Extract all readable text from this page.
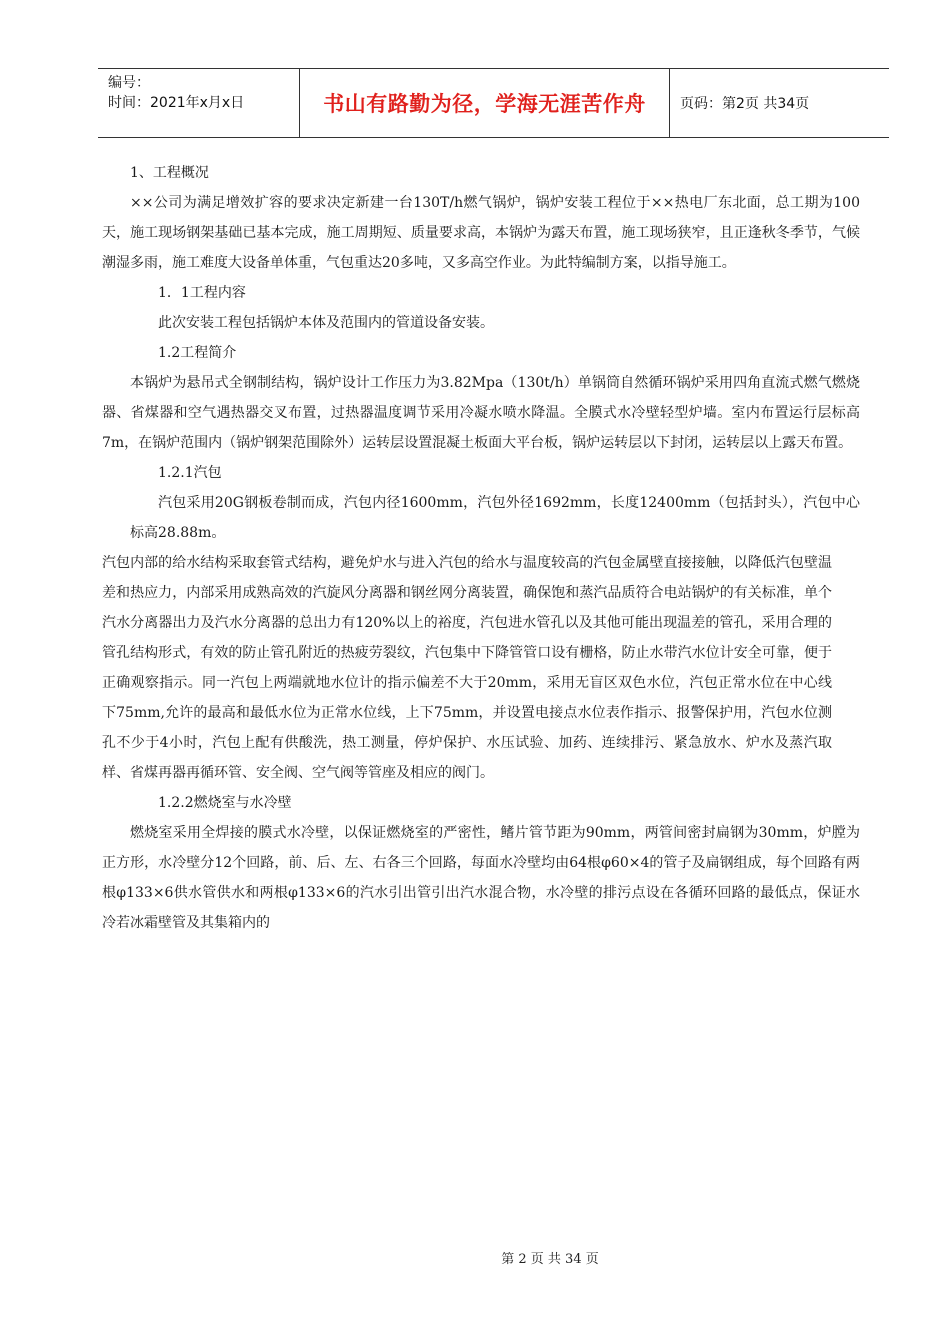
编号：
时间：2021年x月x日	书山有路勤为径，学海无涯苦作舟	页码：第2页 共34页

1、工程概况

××公司为满足增效扩容的要求决定新建一台130T/h燃气锅炉，锅炉安装工程位于××热电厂东北面，总工期为100天，施工现场钢架基础已基本完成，施工周期短、质量要求高，本锅炉为露天布置，施工现场狭窄，且正逢秋冬季节，气候潮湿多雨，施工难度大设备单体重，气包重达20多吨，又多高空作业。为此特编制方案，以指导施工。

1．1工程内容

此次安装工程包括锅炉本体及范围内的管道设备安装。

1.2工程简介

本锅炉为悬吊式全钢制结构，锅炉设计工作压力为3.82Mpa（130t/h）单锅筒自然循环锅炉采用四角直流式燃气燃烧器、省煤器和空气遇热器交叉布置，过热器温度调节采用冷凝水喷水降温。全膜式水冷壁轻型炉墙。室内布置运行层标高7m，在锅炉范围内（锅炉钢架范围除外）运转层设置混凝土板面大平台板，锅炉运转层以下封闭，运转层以上露天布置。

1.2.1汽包

汽包采用20G钢板卷制而成，汽包内径1600mm，汽包外径1692mm，长度12400mm（包括封头），汽包中心标高28.88m。

汽包内部的给水结构采取套管式结构，避免炉水与进入汽包的给水与温度较高的汽包金属壁直接接触，以降低汽包壁温差和热应力，内部采用成熟高效的汽旋风分离器和钢丝网分离装置，确保饱和蒸汽品质符合电站锅炉的有关标准，单个汽水分离器出力及汽水分离器的总出力有120%以上的裕度，汽包进水管孔以及其他可能出现温差的管孔，采用合理的管孔结构形式，有效的防止管孔附近的热疲劳裂纹，汽包集中下降管管口设有栅格，防止水带汽水位计安全可靠，便于正确观察指示。同一汽包上两端就地水位计的指示偏差不大于20mm，采用无盲区双色水位，汽包正常水位在中心线下75mm,允许的最高和最低水位为正常水位线，上下75mm，并设置电接点水位表作指示、报警保护用，汽包水位测孔不少于4小时，汽包上配有供酸洗，热工测量，停炉保护、水压试验、加药、连续排污、紧急放水、炉水及蒸汽取样、省煤再器再循环管、安全阀、空气阀等管座及相应的阀门。

1.2.2燃烧室与水冷壁

燃烧室采用全焊接的膜式水冷壁，以保证燃烧室的严密性，鳍片管节距为90mm，两管间密封扁钢为30mm，炉膛为正方形，水冷壁分12个回路，前、后、左、右各三个回路，每面水冷壁均由64根φ60×4的管子及扁钢组成，每个回路有两根φ133×6供水管供水和两根φ133×6的汽水引出管引出汽水混合物，水冷壁的排污点设在各循环回路的最低点，保证水冷若冰霜壁管及其集箱内的

第 2 页 共 34 页
